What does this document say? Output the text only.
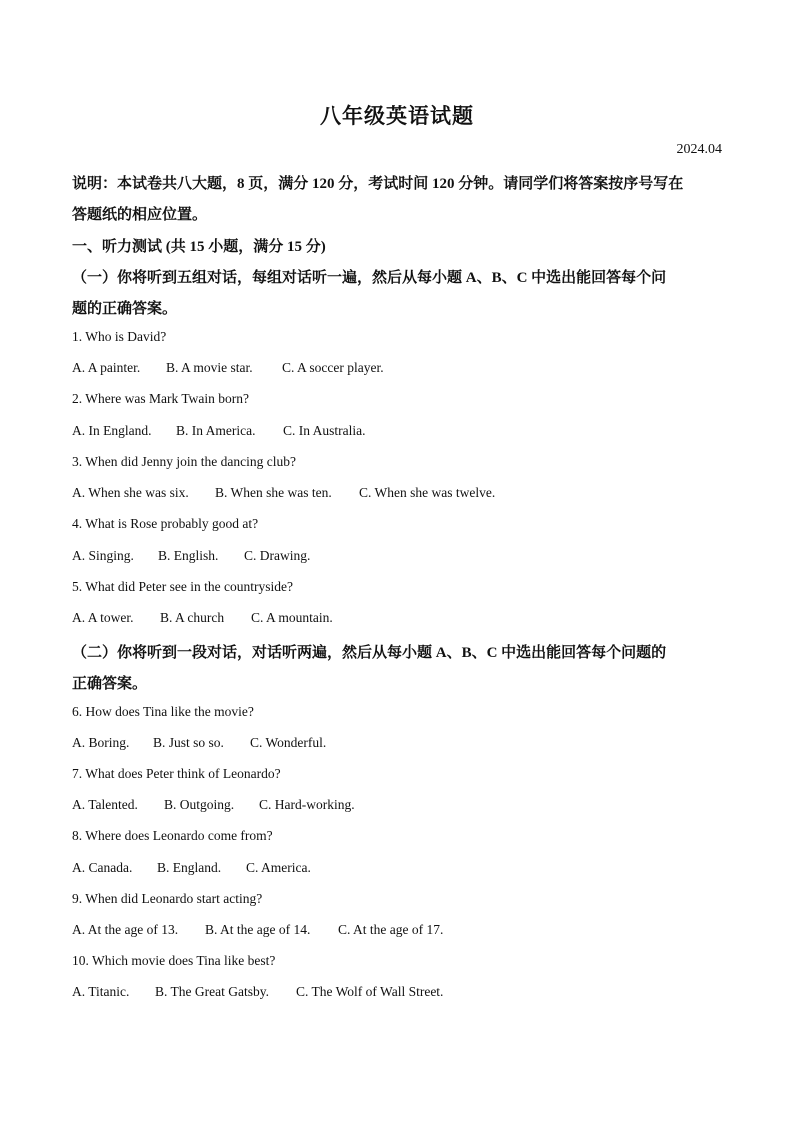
八年级英语试题
2024.04
说明：本试卷共八大题，8 页，满分 120 分，考试时间 120 分钟。请同学们将答案按序号写在
答题纸的相应位置。
一、听力测试 (共 15 小题，满分 15 分)
（一）你将听到五组对话，每组对话听一遍，然后从每小题 A、B、C 中选出能回答每个问
题的正确答案。
1. Who is David?
A. A painter. B. A movie star. C. A soccer player.
2. Where was Mark Twain born?
A. In England. B. In America. C. In Australia.
3. When did Jenny join the dancing club?
A. When she was six. B. When she was ten. C. When she was twelve.
4. What is Rose probably good at?
A. Singing. B. English. C. Drawing.
5. What did Peter see in the countryside?
A. A tower. B. A church C. A mountain.
（二）你将听到一段对话，对话听两遍，然后从每小题 A、B、C 中选出能回答每个问题的
正确答案。
6. How does Tina like the movie?
A. Boring. B. Just so so. C. Wonderful.
7. What does Peter think of Leonardo?
A. Talented. B. Outgoing. C. Hard-working.
8. Where does Leonardo come from?
A. Canada. B. England. C. America.
9. When did Leonardo start acting?
A. At the age of 13. B. At the age of 14. C. At the age of 17.
10. Which movie does Tina like best?
A. Titanic. B. The Great Gatsby. C. The Wolf of Wall Street.
